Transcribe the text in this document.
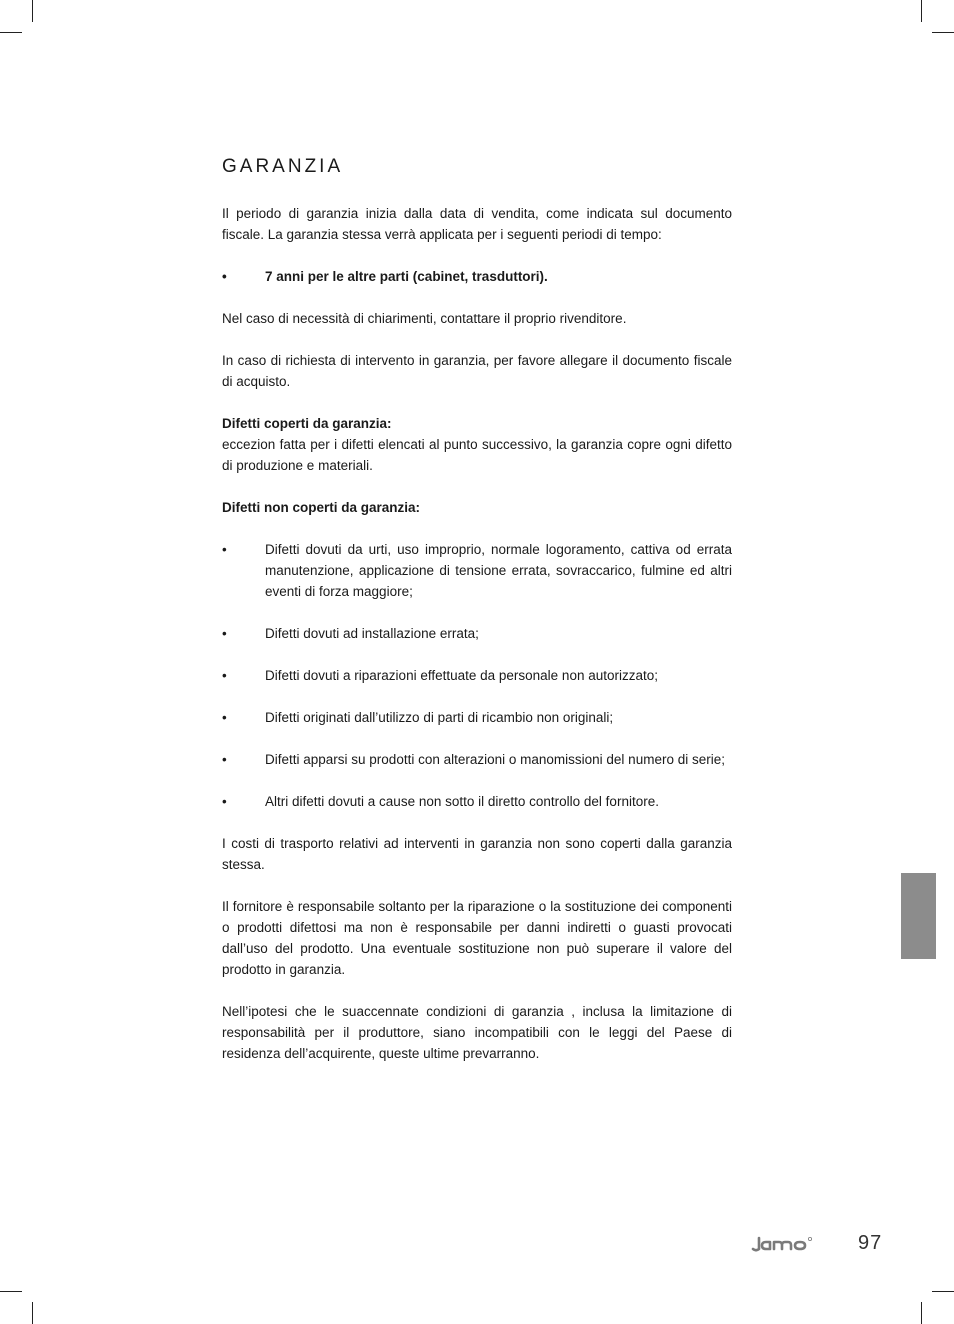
GARANZIA

Il periodo di garanzia inizia dalla data di vendita, come indicata sul documento fiscale. La garanzia stessa verrà applicata per i seguenti periodi di tempo:

•	7 anni per le altre parti (cabinet, trasduttori).

Nel caso di necessità di chiarimenti, contattare il proprio rivenditore.

In caso di richiesta di intervento in garanzia, per favore allegare il documento fiscale di acquisto.

Difetti coperti da garanzia:
eccezion fatta per i difetti elencati al punto successivo, la garanzia copre ogni difetto di produzione e materiali.

Difetti non coperti da garanzia:

•	Difetti dovuti da urti, uso improprio, normale logoramento, cattiva od errata manutenzione, applicazione di tensione errata, sovraccarico, fulmine ed altri eventi di forza maggiore;
•	Difetti dovuti ad installazione errata;
•	Difetti dovuti a riparazioni effettuate da personale non autorizzato;
•	Difetti originati dall’utilizzo di parti di ricambio non originali;
•	Difetti apparsi su prodotti con alterazioni o manomissioni del numero di serie;
•	Altri difetti dovuti a cause non sotto il diretto controllo del fornitore.

I costi di trasporto relativi ad interventi in garanzia non sono coperti dalla garanzia stessa.

Il fornitore è responsabile soltanto per la riparazione o la sostituzione dei componenti o prodotti difettosi ma non è responsabile per danni indiretti o guasti provocati dall’uso del prodotto. Una eventuale sostituzione non può superare il valore del prodotto in garanzia.

Nell’ipotesi che le suaccennate condizioni di garanzia , inclusa la limitazione di responsabilità per il produttore, siano incompatibili con le leggi del Paese di residenza dell’acquirente, queste ultime prevarranno.

97
